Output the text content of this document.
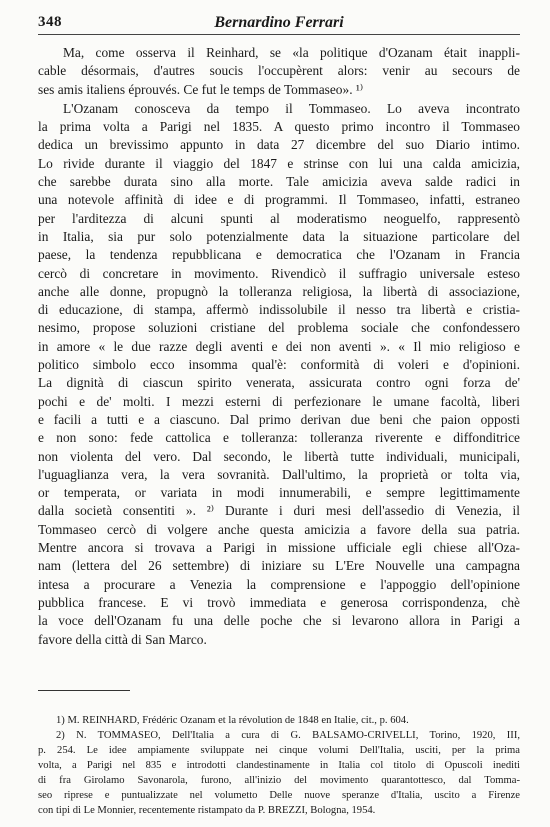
348	Bernardino Ferrari
Ma, come osserva il Reinhard, se «la politique d'Ozanam était inappli-
cable désormais, d'autres soucis l'occupèrent alors: venir au secours de
ses amis italiens éprouvés. Ce fut le temps de Tommaseo». ¹⁾
L'Ozanam conosceva da tempo il Tommaseo. Lo aveva incontrato
la prima volta a Parigi nel 1835. A questo primo incontro il Tommaseo
dedica un brevissimo appunto in data 27 dicembre del suo Diario intimo.
Lo rivide durante il viaggio del 1847 e strinse con lui una calda amicizia,
che sarebbe durata sino alla morte. Tale amicizia aveva salde radici in
una notevole affinità di idee e di programmi. Il Tommaseo, infatti, estraneo
per l'arditezza di alcuni spunti al moderatismo neoguelfo, rappresentò
in Italia, sia pur solo potenzialmente data la situazione particolare del
paese, la tendenza repubblicana e democratica che l'Ozanam in Francia
cercò di concretare in movimento. Rivendicò il suffragio universale esteso
anche alle donne, propugnò la tolleranza religiosa, la libertà di associazione,
di educazione, di stampa, affermò indissolubile il nesso tra libertà e cristia-
nesimo, propose soluzioni cristiane del problema sociale che confondessero
in amore « le due razze degli aventi e dei non aventi ». « Il mio religioso e
politico simbolo ecco insomma qual'è: conformità di voleri e d'opinioni.
La dignità di ciascun spirito venerata, assicurata contro ogni forza de'
pochi e de' molti. I mezzi esterni di perfezionare le umane facoltà, liberi
e facili a tutti e a ciascuno. Dal primo derivan due beni che paion opposti
e non sono: fede cattolica e tolleranza: tolleranza riverente e diffonditrice
non violenta del vero. Dal secondo, le libertà tutte individuali, municipali,
l'uguaglianza vera, la vera sovranità. Dall'ultimo, la proprietà or tolta via,
or temperata, or variata in modi innumerabili, e sempre legittimamente
dalla società consentiti ». ²⁾ Durante i duri mesi dell'assedio di Venezia, il
Tommaseo cercò di volgere anche questa amicizia a favore della sua patria.
Mentre ancora si trovava a Parigi in missione ufficiale egli chiese all'Oza-
nam (lettera del 26 settembre) di iniziare su L'Ere Nouvelle una campagna
intesa a procurare a Venezia la comprensione e l'appoggio dell'opinione
pubblica francese. E vi trovò immediata e generosa corrispondenza, chè
la voce dell'Ozanam fu una delle poche che si levarono allora in Parigi a
favore della città di San Marco.
1) M. REINHARD, Frédéric Ozanam et la révolution de 1848 en Italie, cit., p. 604.
2) N. TOMMASEO, Dell'Italia a cura di G. BALSAMO-CRIVELLI, Torino, 1920, III,
p. 254. Le idee ampiamente sviluppate nei cinque volumi Dell'Italia, usciti, per la prima
volta, a Parigi nel 835 e introdotti clandestinamente in Italia col titolo di Opuscoli inediti
di fra Girolamo Savonarola, furono, all'inizio del movimento quarantottesco, dal Tomma-
seo riprese e puntualizzate nel volumetto Delle nuove speranze d'Italia, uscito a Firenze
con tipi di Le Monnier, recentemente ristampato da P. BREZZI, Bologna, 1954.
